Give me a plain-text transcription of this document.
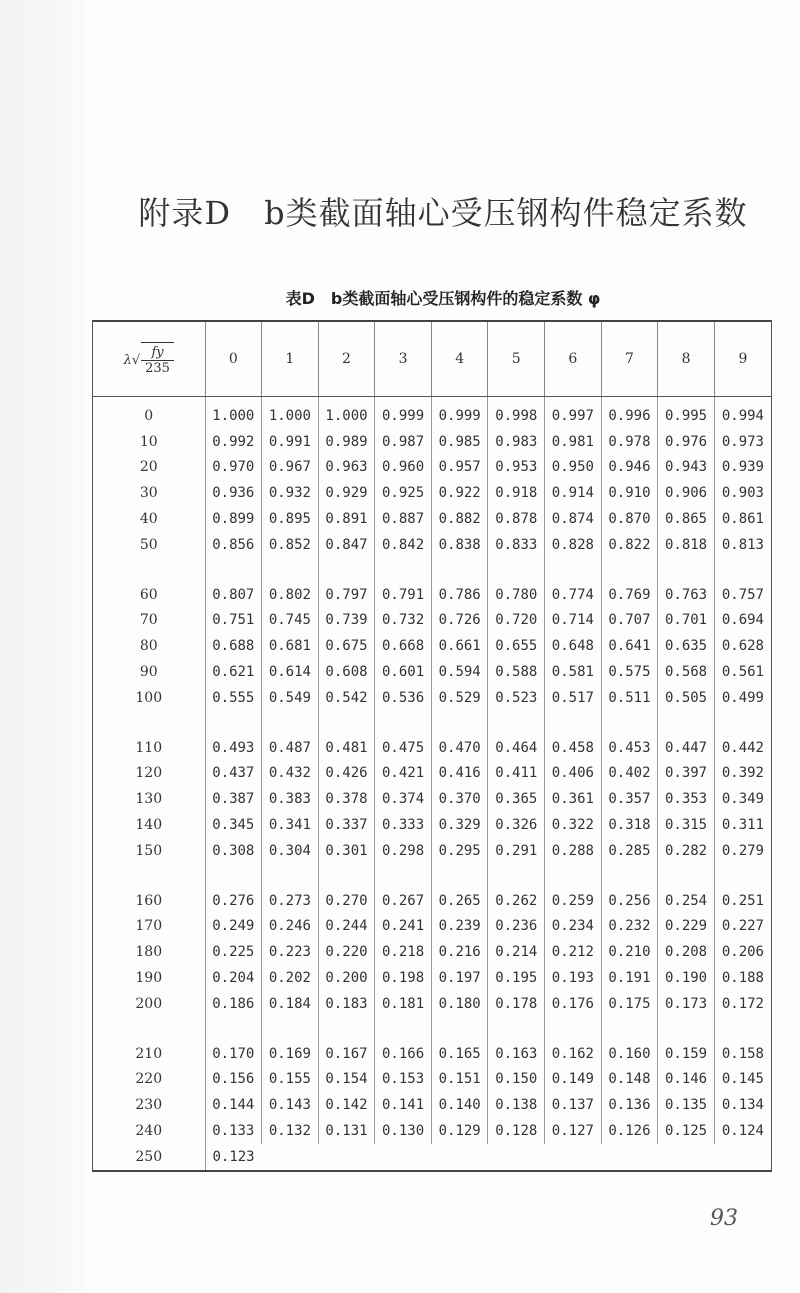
附录D　b类截面轴心受压钢构件稳定系数
表D　b类截面轴心受压钢构件的稳定系数 φ
$\lambda√ \frac{fy}{235}$	0	1	2	3	4	5	6	7	8	9
0	1.000	1.000	1.000	0.999	0.999	0.998	0.997	0.996	0.995	0.994
10	0.992	0.991	0.989	0.987	0.985	0.983	0.981	0.978	0.976	0.973
20	0.970	0.967	0.963	0.960	0.957	0.953	0.950	0.946	0.943	0.939
30	0.936	0.932	0.929	0.925	0.922	0.918	0.914	0.910	0.906	0.903
40	0.899	0.895	0.891	0.887	0.882	0.878	0.874	0.870	0.865	0.861
50	0.856	0.852	0.847	0.842	0.838	0.833	0.828	0.822	0.818	0.813

60	0.807	0.802	0.797	0.791	0.786	0.780	0.774	0.769	0.763	0.757
70	0.751	0.745	0.739	0.732	0.726	0.720	0.714	0.707	0.701	0.694
80	0.688	0.681	0.675	0.668	0.661	0.655	0.648	0.641	0.635	0.628
90	0.621	0.614	0.608	0.601	0.594	0.588	0.581	0.575	0.568	0.561
100	0.555	0.549	0.542	0.536	0.529	0.523	0.517	0.511	0.505	0.499

110	0.493	0.487	0.481	0.475	0.470	0.464	0.458	0.453	0.447	0.442
120	0.437	0.432	0.426	0.421	0.416	0.411	0.406	0.402	0.397	0.392
130	0.387	0.383	0.378	0.374	0.370	0.365	0.361	0.357	0.353	0.349
140	0.345	0.341	0.337	0.333	0.329	0.326	0.322	0.318	0.315	0.311
150	0.308	0.304	0.301	0.298	0.295	0.291	0.288	0.285	0.282	0.279

160	0.276	0.273	0.270	0.267	0.265	0.262	0.259	0.256	0.254	0.251
170	0.249	0.246	0.244	0.241	0.239	0.236	0.234	0.232	0.229	0.227
180	0.225	0.223	0.220	0.218	0.216	0.214	0.212	0.210	0.208	0.206
190	0.204	0.202	0.200	0.198	0.197	0.195	0.193	0.191	0.190	0.188
200	0.186	0.184	0.183	0.181	0.180	0.178	0.176	0.175	0.173	0.172

210	0.170	0.169	0.167	0.166	0.165	0.163	0.162	0.160	0.159	0.158
220	0.156	0.155	0.154	0.153	0.151	0.150	0.149	0.148	0.146	0.145
230	0.144	0.143	0.142	0.141	0.140	0.138	0.137	0.136	0.135	0.134
240	0.133	0.132	0.131	0.130	0.129	0.128	0.127	0.126	0.125	0.124
250	0.123									
93
